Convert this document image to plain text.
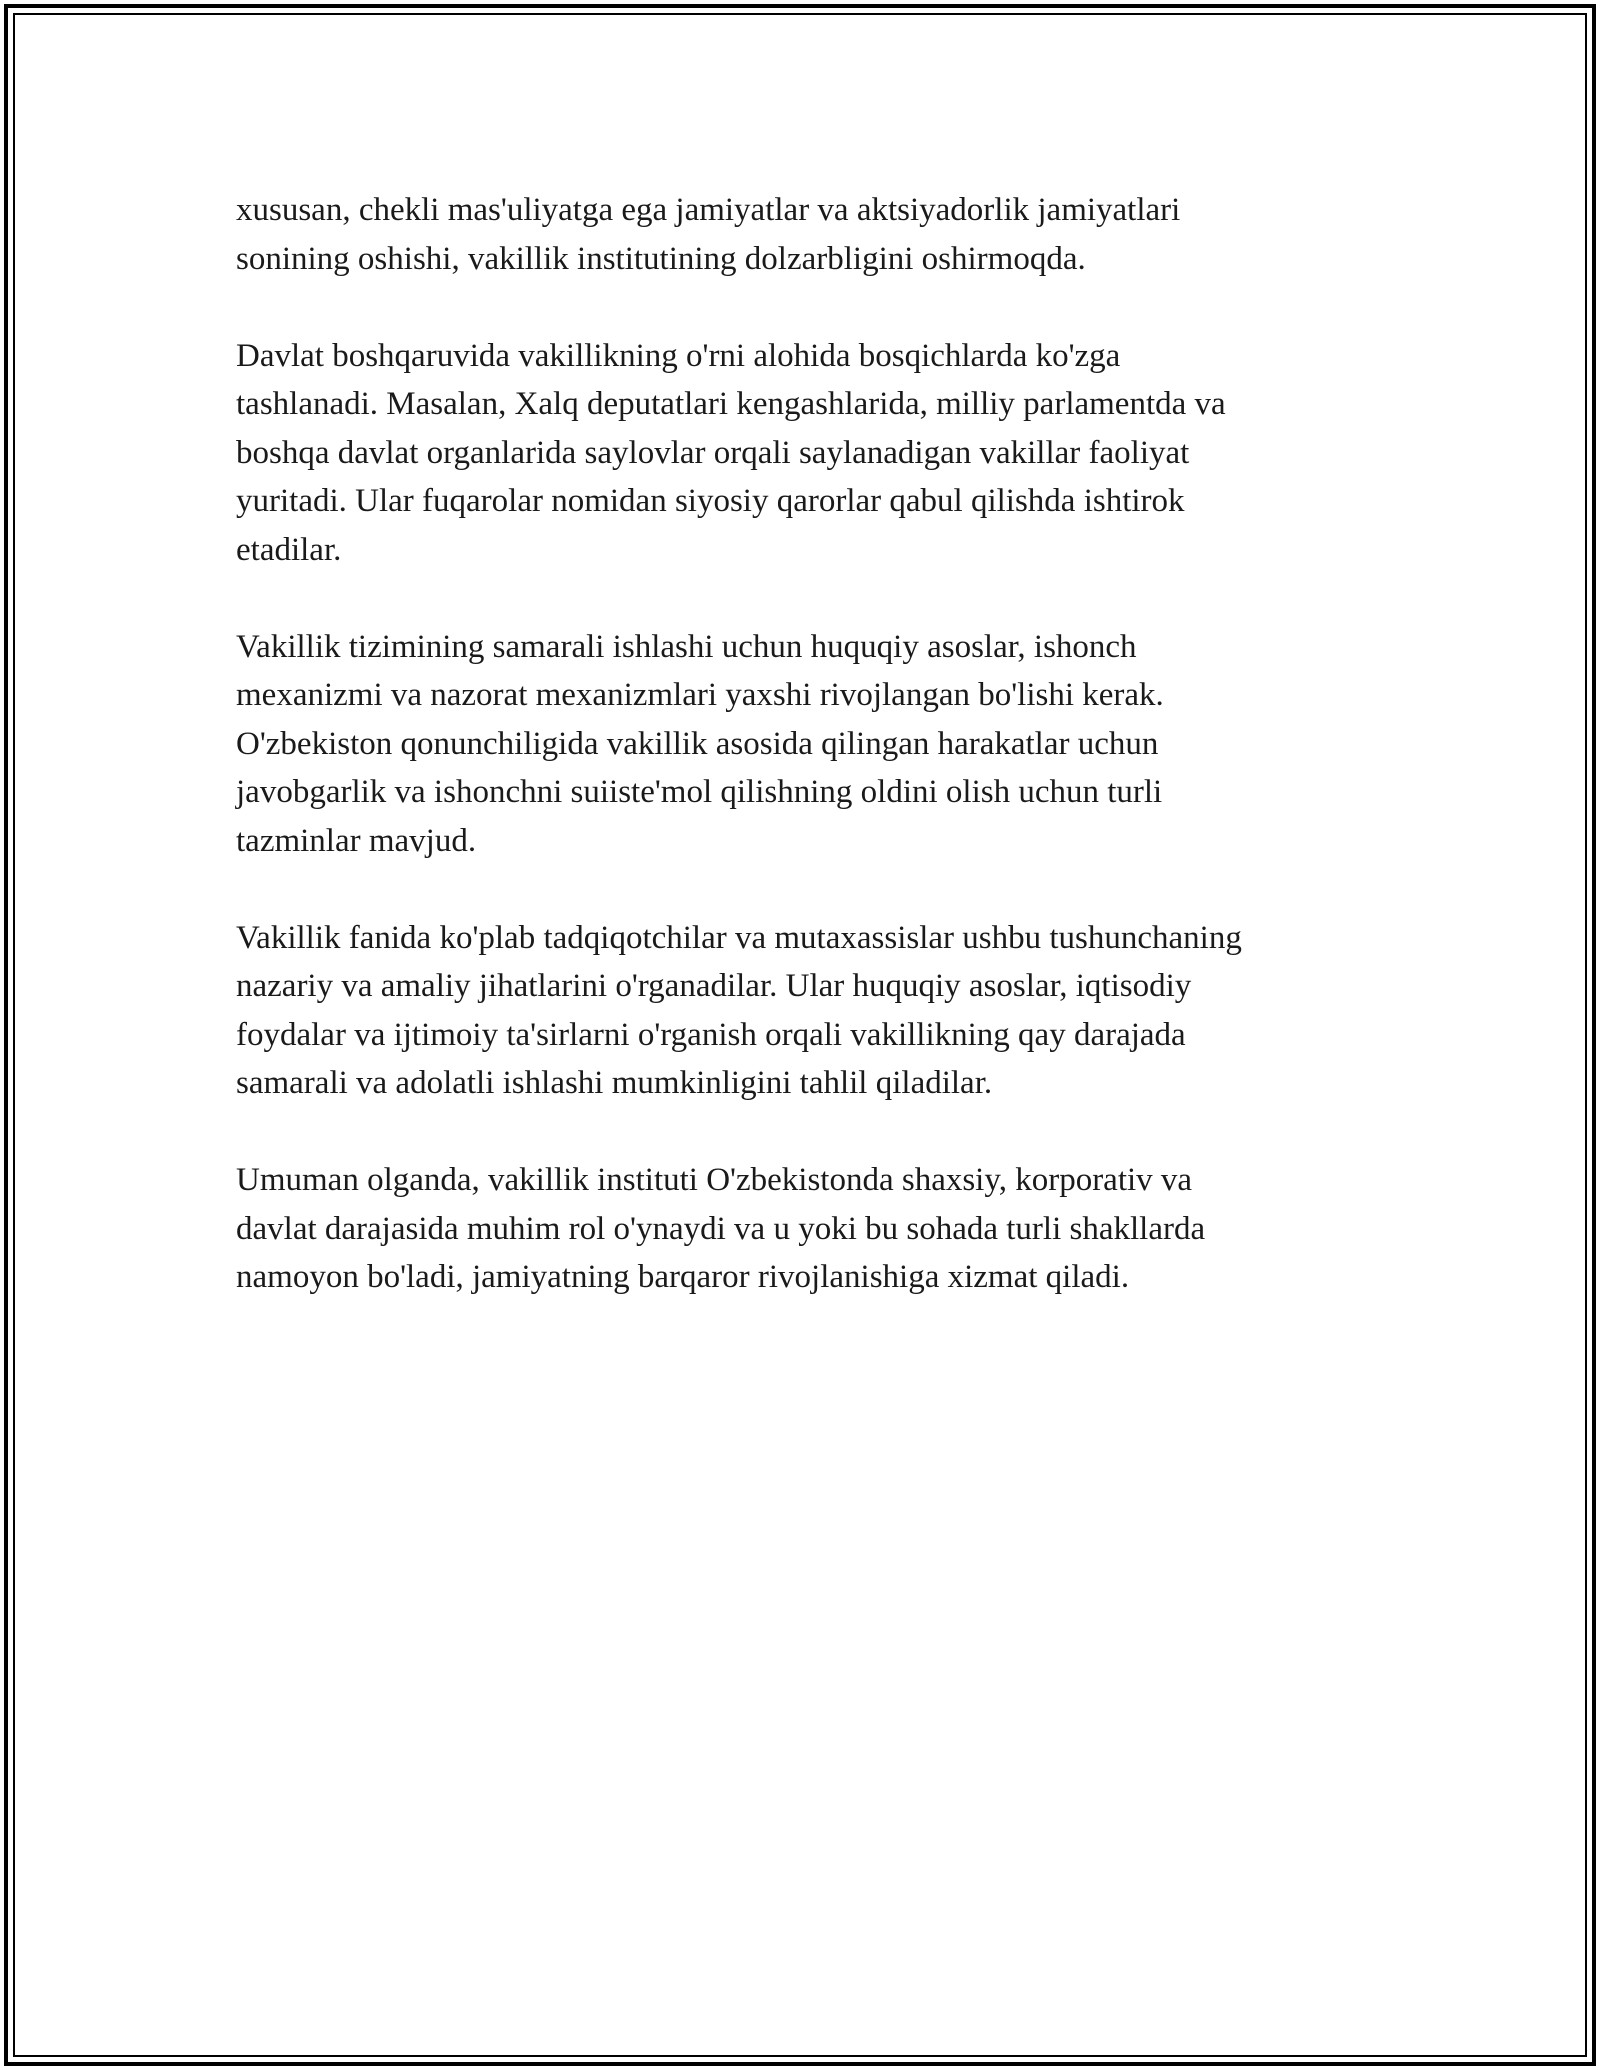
xususan, chekli mas'uliyatga ega jamiyatlar va aktsiyadorlik jamiyatlari
sonining oshishi, vakillik institutining dolzarbligini oshirmoqda.

Davlat boshqaruvida vakillikning o'rni alohida bosqichlarda ko'zga
tashlanadi. Masalan, Xalq deputatlari kengashlarida, milliy parlamentda va
boshqa davlat organlarida saylovlar orqali saylanadigan vakillar faoliyat
yuritadi. Ular fuqarolar nomidan siyosiy qarorlar qabul qilishda ishtirok
etadilar.

Vakillik tizimining samarali ishlashi uchun huquqiy asoslar, ishonch
mexanizmi va nazorat mexanizmlari yaxshi rivojlangan bo'lishi kerak.
O'zbekiston qonunchiligida vakillik asosida qilingan harakatlar uchun
javobgarlik va ishonchni suiiste'mol qilishning oldini olish uchun turli
tazminlar mavjud.

Vakillik fanida ko'plab tadqiqotchilar va mutaxassislar ushbu tushunchaning
nazariy va amaliy jihatlarini o'rganadilar. Ular huquqiy asoslar, iqtisodiy
foydalar va ijtimoiy ta'sirlarni o'rganish orqali vakillikning qay darajada
samarali va adolatli ishlashi mumkinligini tahlil qiladilar.

Umuman olganda, vakillik instituti O'zbekistonda shaxsiy, korporativ va
davlat darajasida muhim rol o'ynaydi va u yoki bu sohada turli shakllarda
namoyon bo'ladi, jamiyatning barqaror rivojlanishiga xizmat qiladi.
